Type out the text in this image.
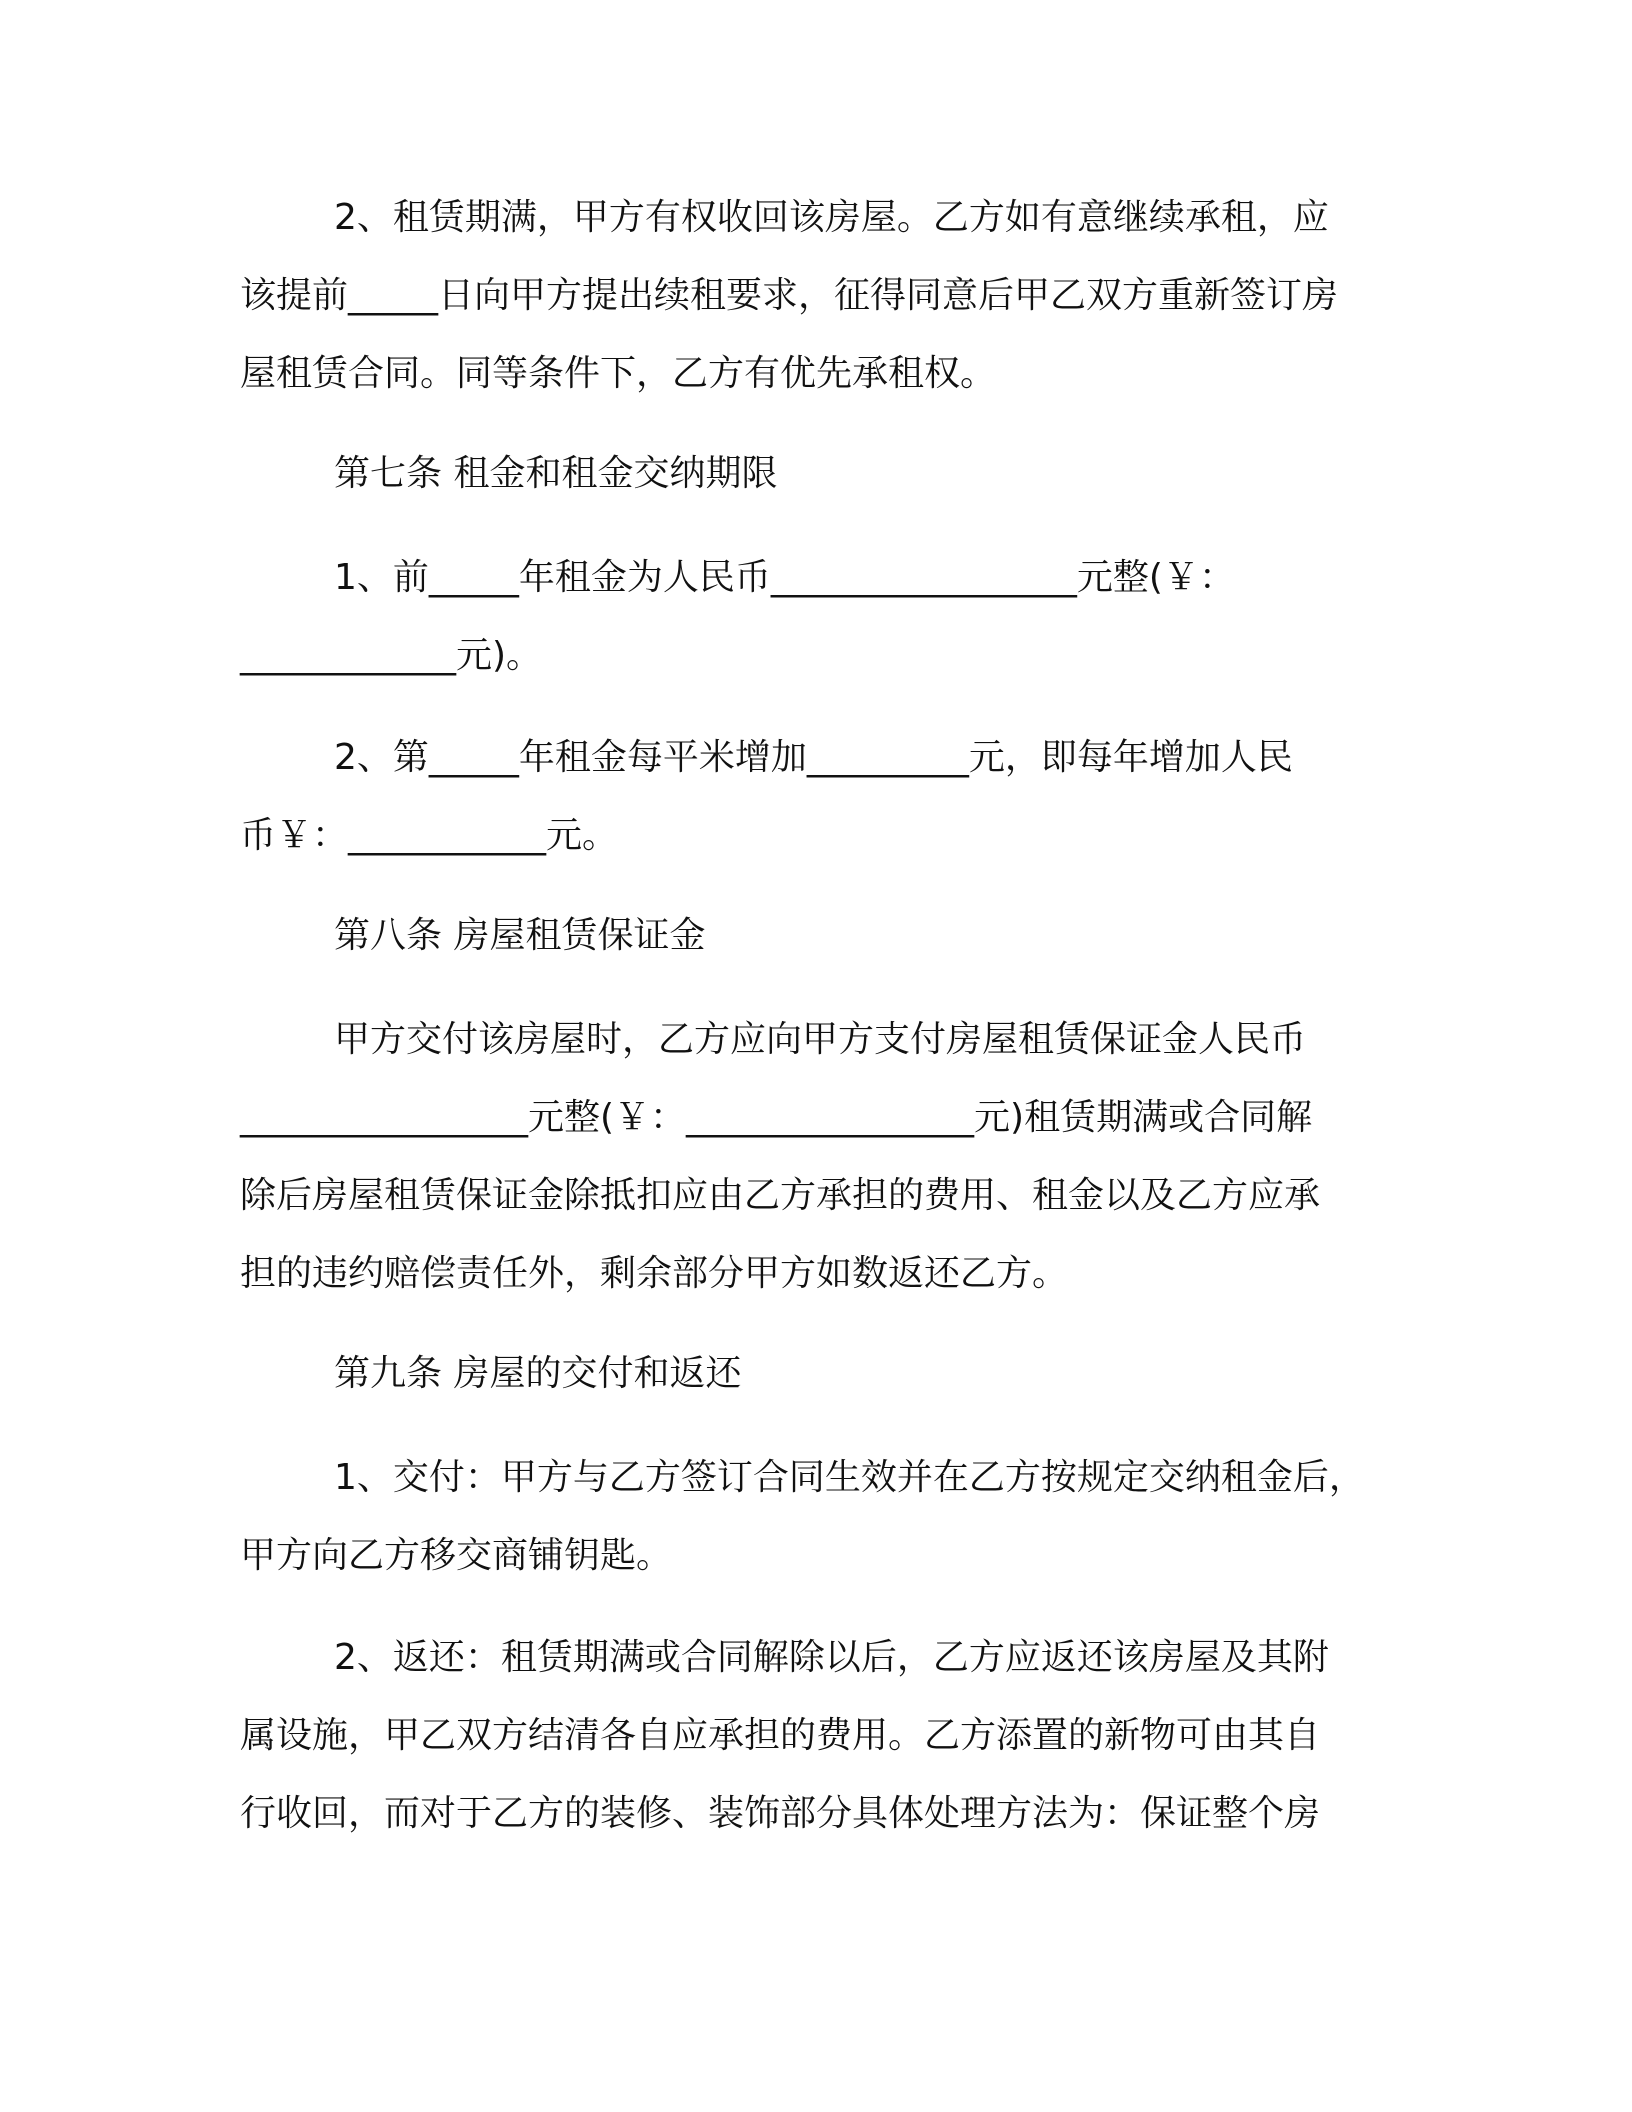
2、租赁期满，甲方有权收回该房屋。乙方如有意继续承租，应
该提前_____日向甲方提出续租要求，征得同意后甲乙双方重新签订房
屋租赁合同。同等条件下，乙方有优先承租权。
第七条 租金和租金交纳期限
1、前_____年租金为人民币_________________元整(￥：
____________元)。
2、第_____年租金每平米增加_________元，即每年增加人民
币￥：___________元。
第八条 房屋租赁保证金
甲方交付该房屋时，乙方应向甲方支付房屋租赁保证金人民币
________________元整(￥：________________元)租赁期满或合同解
除后房屋租赁保证金除抵扣应由乙方承担的费用、租金以及乙方应承
担的违约赔偿责任外，剩余部分甲方如数返还乙方。
第九条 房屋的交付和返还
1、交付：甲方与乙方签订合同生效并在乙方按规定交纳租金后，
甲方向乙方移交商铺钥匙。
2、返还：租赁期满或合同解除以后，乙方应返还该房屋及其附
属设施，甲乙双方结清各自应承担的费用。乙方添置的新物可由其自
行收回，而对于乙方的装修、装饰部分具体处理方法为：保证整个房
